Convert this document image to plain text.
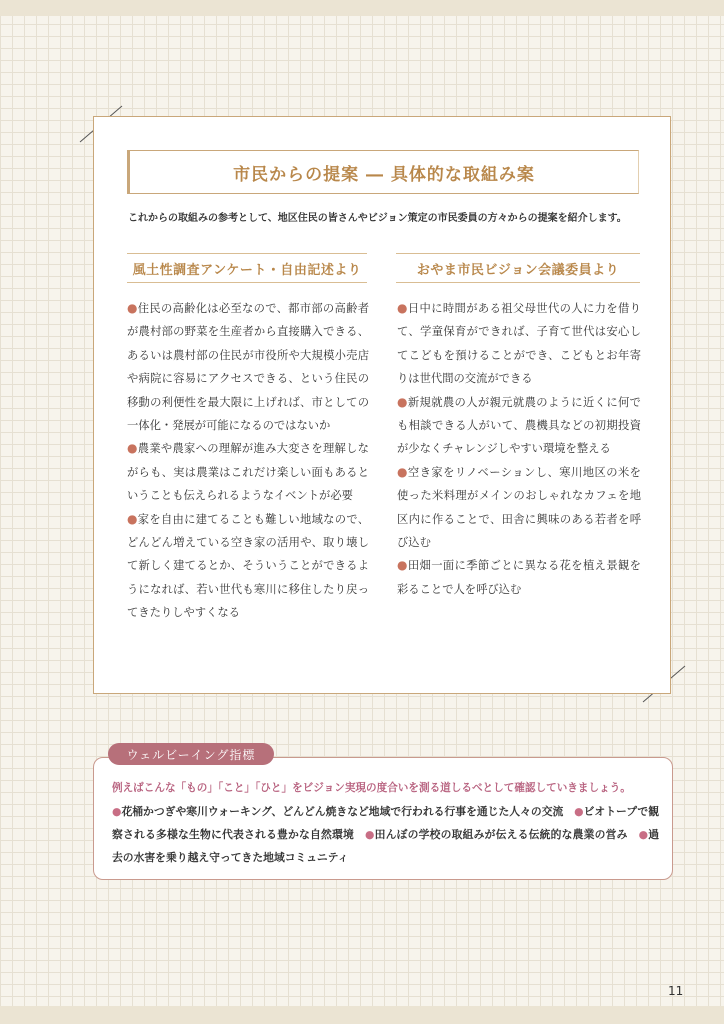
市民からの提案 ― 具体的な取組み案
これからの取組みの参考として、地区住民の皆さんやビジョン策定の市民委員の方々からの提案を紹介します。
風土性調査アンケート・自由記述より	おやま市民ビジョン会議委員より

●住民の高齢化は必至なので、都市部の高齢者が農村部の野菜を生産者から直接購入できる、あるいは農村部の住民が市役所や大規模小売店や病院に容易にアクセスできる、という住民の移動の利便性を最大限に上げれば、市としての一体化・発展が可能になるのではないか

●農業や農家への理解が進み大変さを理解しながらも、実は農業はこれだけ楽しい面もあるということも伝えられるようなイベントが必要

●家を自由に建てることも難しい地域なので、どんどん増えている空き家の活用や、取り壊して新しく建てるとか、そういうことができるようになれば、若い世代も寒川に移住したり戻ってきたりしやすくなる

●日中に時間がある祖父母世代の人に力を借りて、学童保育ができれば、子育て世代は安心してこどもを預けることができ、こどもとお年寄りは世代間の交流ができる

●新規就農の人が親元就農のように近くに何でも相談できる人がいて、農機具などの初期投資が少なくチャレンジしやすい環境を整える

●空き家をリノベーションし、寒川地区の米を使った米料理がメインのおしゃれなカフェを地区内に作ることで、田舎に興味のある若者を呼び込む

●田畑一面に季節ごとに異なる花を植え景観を彩ることで人を呼び込む

ウェルビーイング指標
例えばこんな「もの」「こと」「ひと」をビジョン実現の度合いを測る道しるべとして確認していきましょう。
●花桶かつぎや寒川ウォーキング、どんどん焼きなど地域で行われる行事を通じた人々の交流　 ●ビオトープで観察される多様な生物に代表される豊かな自然環境　 ●田んぼの学校の取組みが伝える伝統的な農業の営み　 ●過去の水害を乗り越え守ってきた地域コミュニティ
11
